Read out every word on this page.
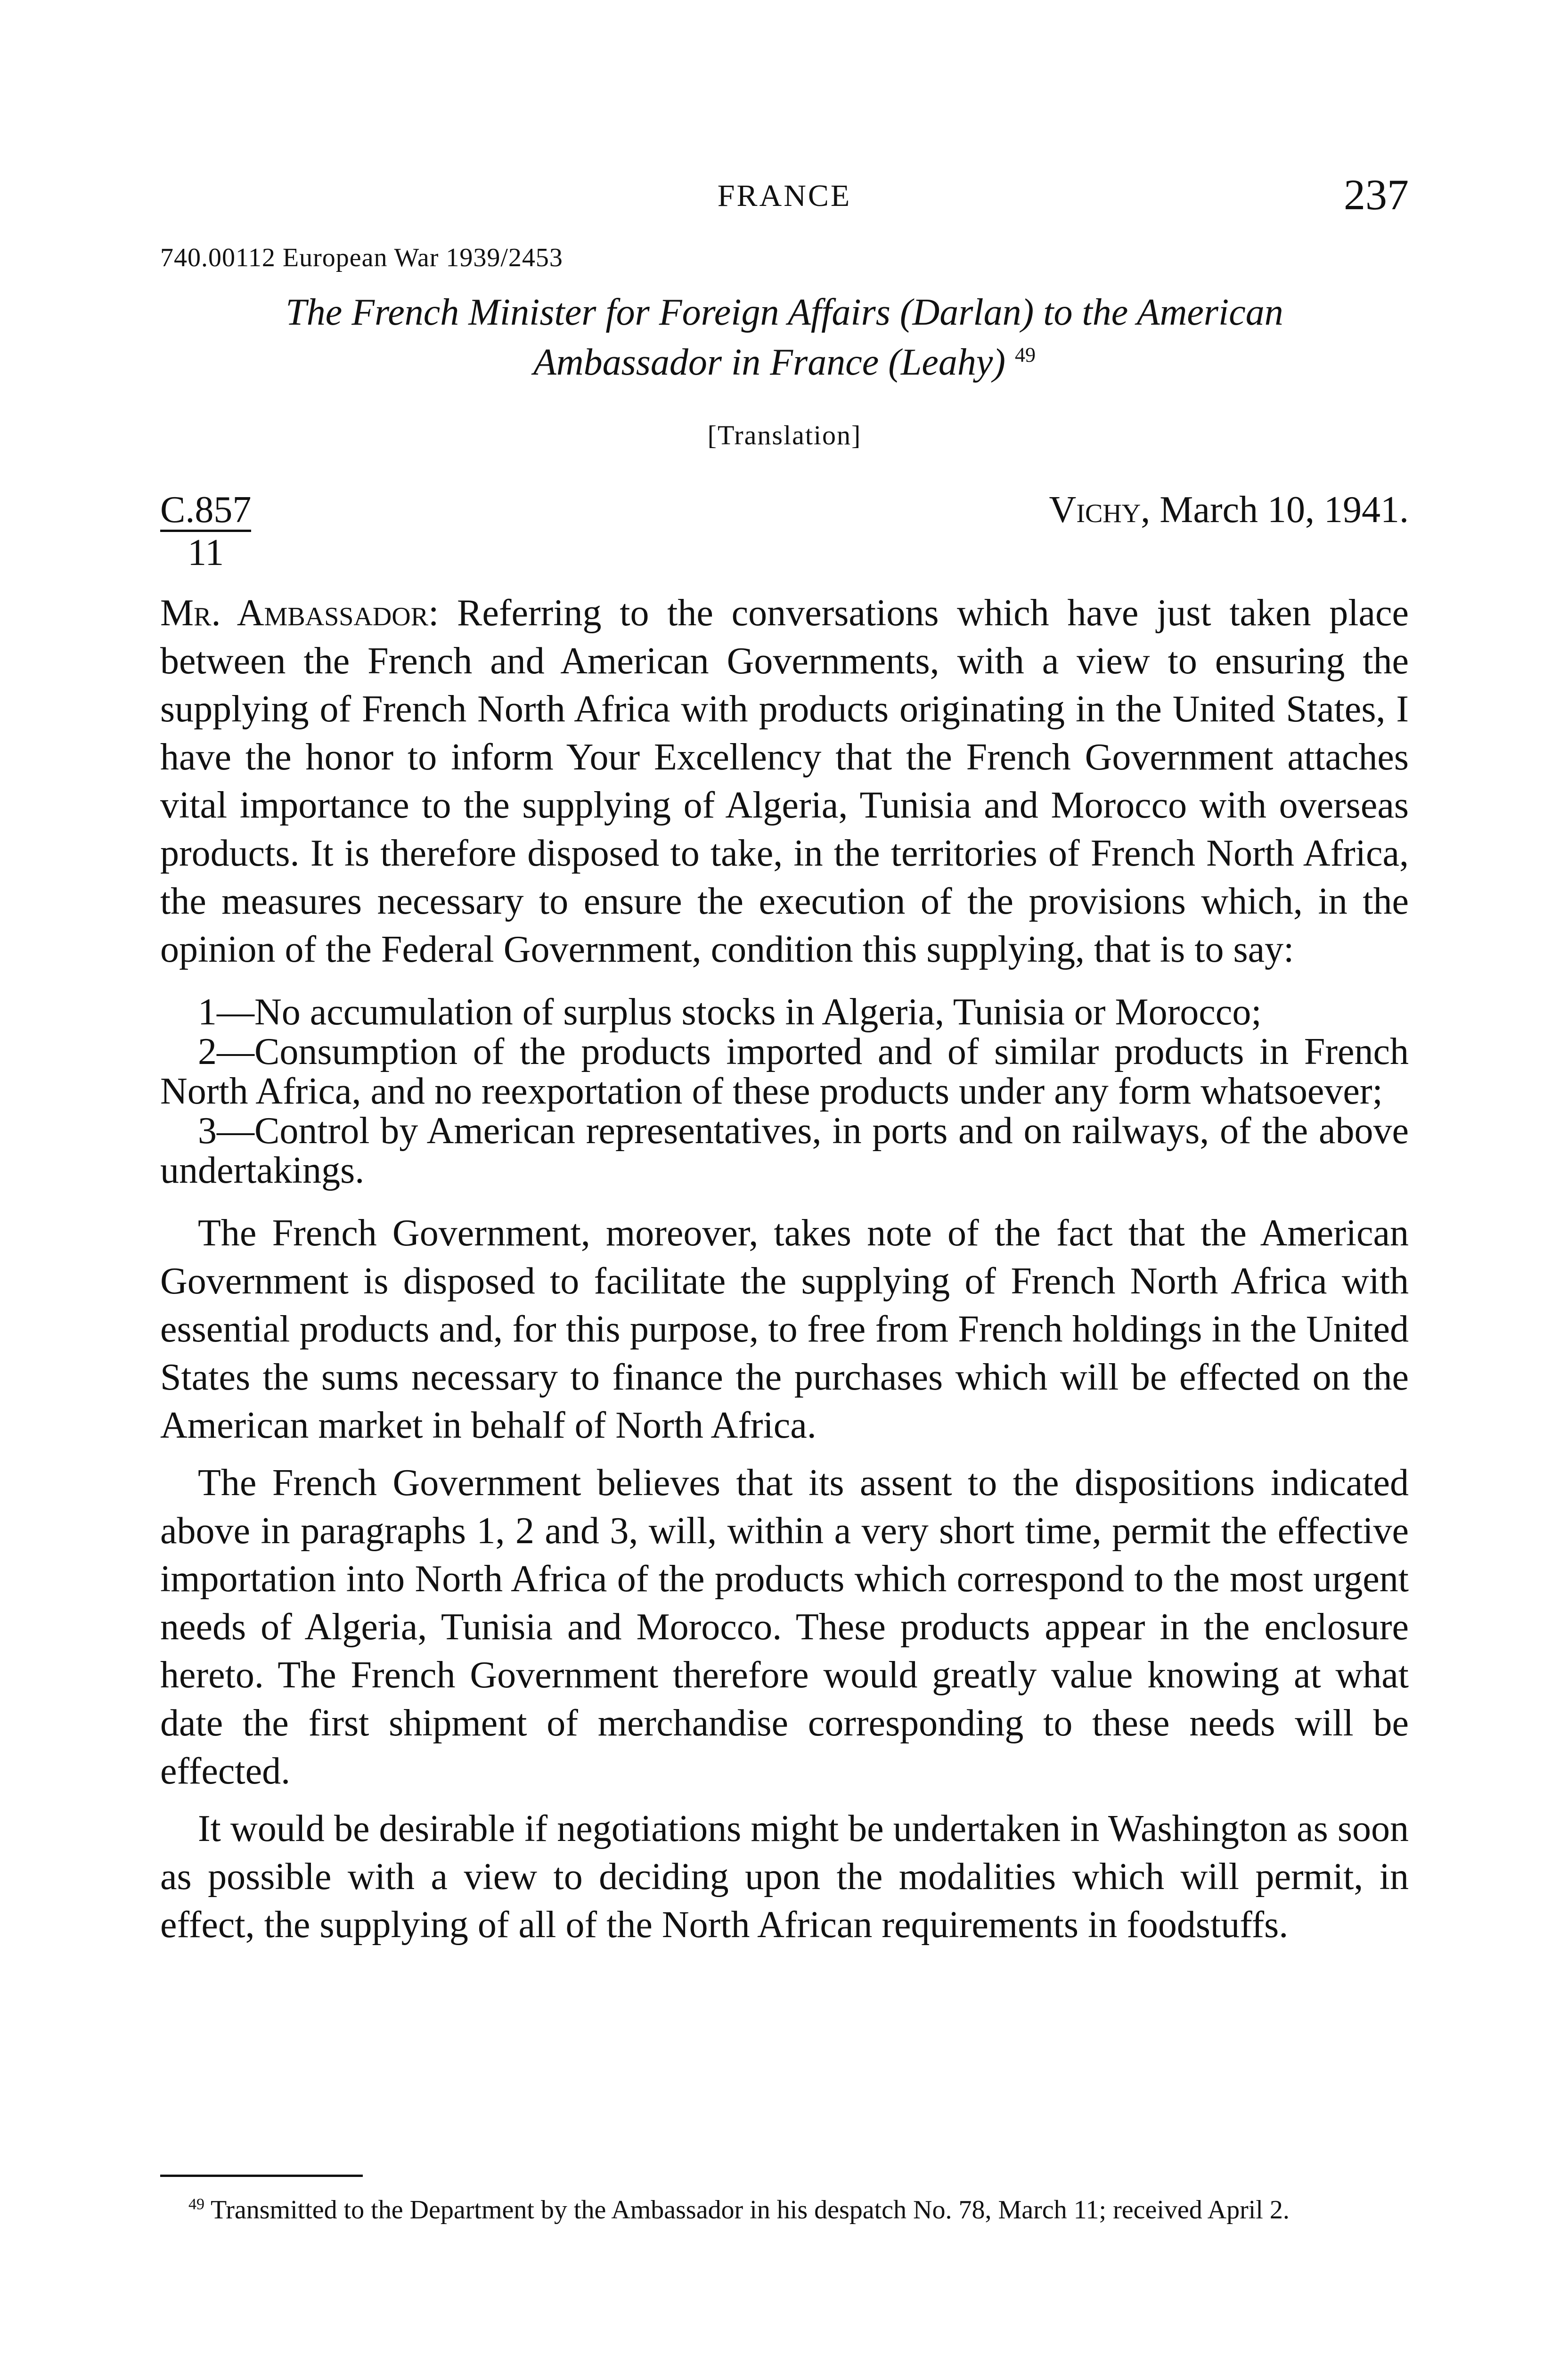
FRANCE	237
740.00112 European War 1939/2453
The French Minister for Foreign Affairs (Darlan) to the American
Ambassador in France (Leahy) $^{49}$
[Translation]
C.857
11
Vichy, March 10, 1941.

Mr. Ambassador: Referring to the conversations which have just taken place between the French and American Governments, with a view to ensuring the supplying of French North Africa with products originating in the United States, I have the honor to inform Your Excellency that the French Government attaches vital importance to the supplying of Algeria, Tunisia and Morocco with overseas products. It is therefore disposed to take, in the territories of French North Africa, the measures necessary to ensure the execution of the provisions which, in the opinion of the Federal Government, condition this supplying, that is to say:

1—No accumulation of surplus stocks in Algeria, Tunisia or Morocco;
2—Consumption of the products imported and of similar products in French North Africa, and no reexportation of these products under any form whatsoever;
3—Control by American representatives, in ports and on railways, of the above undertakings.

The French Government, moreover, takes note of the fact that the American Government is disposed to facilitate the supplying of French North Africa with essential products and, for this purpose, to free from French holdings in the United States the sums necessary to finance the purchases which will be effected on the American market in behalf of North Africa.

The French Government believes that its assent to the dispositions indicated above in paragraphs 1, 2 and 3, will, within a very short time, permit the effective importation into North Africa of the products which correspond to the most urgent needs of Algeria, Tunisia and Morocco. These products appear in the enclosure hereto. The French Government therefore would greatly value knowing at what date the first shipment of merchandise corresponding to these needs will be effected.

It would be desirable if negotiations might be undertaken in Washington as soon as possible with a view to deciding upon the modalities which will permit, in effect, the supplying of all of the North African requirements in foodstuffs.

$^{49}$ Transmitted to the Department by the Ambassador in his despatch No. 78, March 11; received April 2.
